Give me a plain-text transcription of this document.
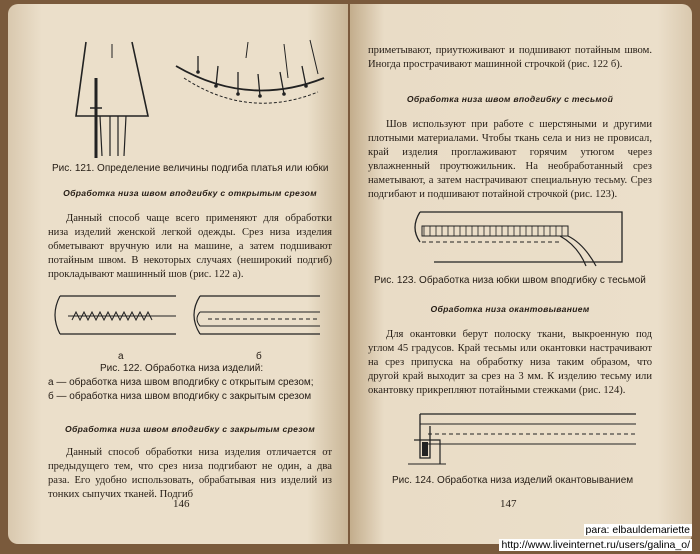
Рис. 121. Определение величины подгиба платья или юбки

Обработка низа швом вподгибку с открытым срезом

Данный способ чаще всего применяют для обработки низа изделий женской легкой одежды. Срез низа изделия обметывают вручную или на машине, а затем подшивают потайным швом. В некоторых случаях (неширокий подгиб) прокладывают машинный шов (рис. 122 а).

а	б

Рис. 122. Обработка низа изделий:

а — обработка низа швом вподгибку с открытым срезом;

б — обработка низа швом вподгибку с закрытым срезом

Обработка низа швом вподгибку с закрытым срезом

Данный способ обработки низа изделия отличается от предыдущего тем, что срез низа подгибают не один, а два раза. Его удобно использовать, обрабатывая низ изделий из тонких сыпучих тканей. Подгиб

146

приметывают, приутюживают и подшивают потайным швом. Иногда прострачивают машинной строчкой (рис. 122 б).

Обработка низа швом вподгибку с тесьмой

Шов используют при работе с шерстяными и другими плотными материалами. Чтобы ткань села и низ не провисал, край изделия проглаживают горячим утюгом через увлажненный проутюжильник. На необработанный срез наметывают, а затем настрачивают специальную тесьму. Срез подгибают и подшивают потайной строчкой (рис. 123).

Рис. 123. Обработка низа юбки швом вподгибку с тесьмой

Обработка низа окантовыванием

Для окантовки берут полоску ткани, выкроенную под углом 45 градусов. Край тесьмы или окантовки настрачивают на срез припуска на обработку низа таким образом, что другой край выходит за срез на 3 мм. К изделию тесьму или окантовку прикрепляют потайными стежками (рис. 124).

Рис. 124. Обработка низа изделий окантовыванием

147
para: elbauldemariette
http://www.liveinternet.ru/users/galina_o/
